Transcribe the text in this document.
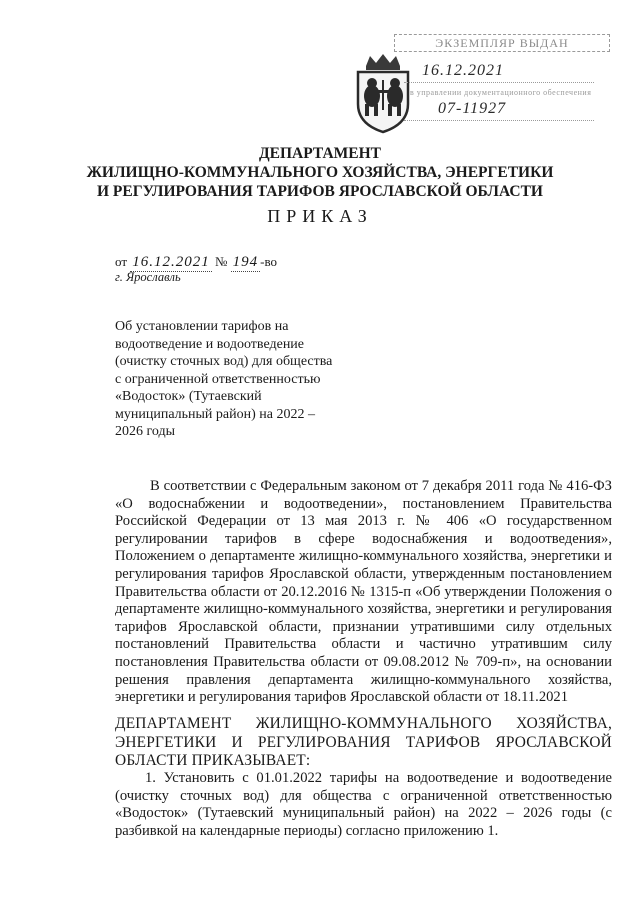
ЭКЗЕМПЛЯР ВЫДАН
16.12.2021
в управлении документационного обеспечения
07-11927
ДЕПАРТАМЕНТ
ЖИЛИЩНО-КОММУНАЛЬНОГО ХОЗЯЙСТВА, ЭНЕРГЕТИКИ
И РЕГУЛИРОВАНИЯ ТАРИФОВ ЯРОСЛАВСКОЙ ОБЛАСТИ
ПРИКАЗ
от 16.12.2021 № 194 -во
г. Ярославль
Об установлении тарифов на водоотведение и водоотведение (очистку сточных вод) для общества с ограниченной ответственностью «Водосток» (Тутаевский муниципальный район) на 2022 – 2026 годы
В соответствии с Федеральным законом от 7 декабря 2011 года № 416-ФЗ «О водоснабжении и водоотведении», постановлением Правительства Российской Федерации от 13 мая 2013 г. № 406 «О государственном регулировании тарифов в сфере водоснабжения и водоотведения», Положением о департаменте жилищно-коммунального хозяйства, энергетики и регулирования тарифов Ярославской области, утвержденным постановлением Правительства области от 20.12.2016 № 1315-п «Об утверждении Положения о департаменте жилищно-коммунального хозяйства, энергетики и регулирования тарифов Ярославской области, признании утратившими силу отдельных постановлений Правительства области и частично утратившим силу постановления Правительства области от 09.08.2012 № 709-п», на основании решения правления департамента жилищно-коммунального хозяйства, энергетики и регулирования тарифов Ярославской области от 18.11.2021
ДЕПАРТАМЕНТ ЖИЛИЩНО-КОММУНАЛЬНОГО ХОЗЯЙСТВА, ЭНЕРГЕТИКИ И РЕГУЛИРОВАНИЯ ТАРИФОВ ЯРОСЛАВСКОЙ ОБЛАСТИ ПРИКАЗЫВАЕТ:
1. Установить с 01.01.2022 тарифы на водоотведение и водоотведение (очистку сточных вод) для общества с ограниченной ответственностью «Водосток» (Тутаевский муниципальный район) на 2022 – 2026 годы (с разбивкой на календарные периоды) согласно приложению 1.
